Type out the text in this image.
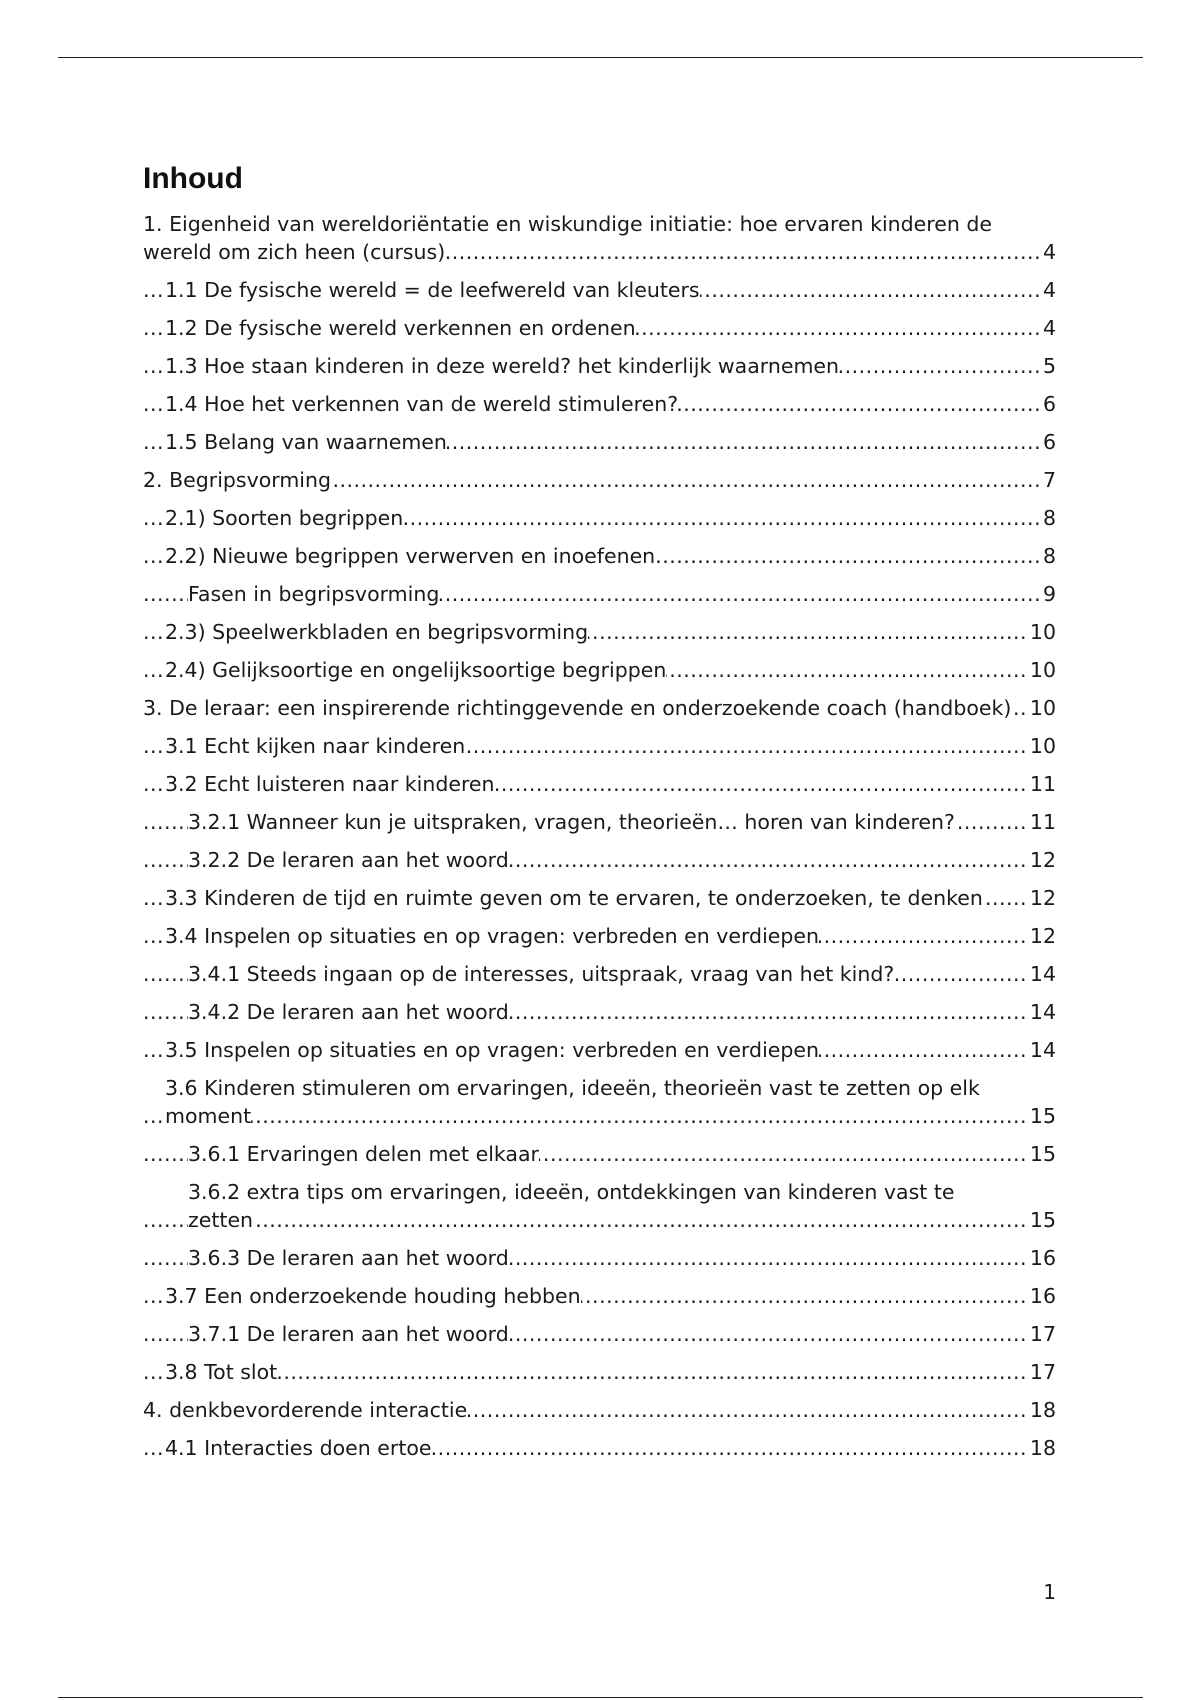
Inhoud
1. Eigenheid van wereldoriëntatie en wiskundige initiatie: hoe ervaren kinderen de wereld om zich heen (cursus)	4
.....
1.1 De fysische wereld = de leefwereld van kleuters	4
.....
1.2 De fysische wereld verkennen en ordenen	4
.....
1.3 Hoe staan kinderen in deze wereld? het kinderlijk waarnemen	5
.....
1.4 Hoe het verkennen van de wereld stimuleren?	6
.....
1.5 Belang van waarnemen	6
.....
2. Begripsvorming	7
.....
2.1) Soorten begrippen	8
.....
2.2) Nieuwe begrippen verwerven en inoefenen	8
.....
Fasen in begripsvorming	9
.....
2.3) Speelwerkbladen en begripsvorming	10
.....
2.4) Gelijksoortige en ongelijksoortige begrippen	10
.....
3. De leraar: een inspirerende richtinggevende en onderzoekende coach (handboek) 10
.....
3.1 Echt kijken naar kinderen	10
.....
3.2 Echt luisteren naar kinderen	11
.....
3.2.1 Wanneer kun je uitspraken, vragen, theorieën… horen van kinderen?	11
.....
3.2.2 De leraren aan het woord	12
.....
3.3 Kinderen de tijd en ruimte geven om te ervaren, te onderzoeken, te denken 12
.....
3.4 Inspelen op situaties en op vragen: verbreden en verdiepen	12
.....
3.4.1 Steeds ingaan op de interesses, uitspraak, vraag van het kind?	14
.....
3.4.2 De leraren aan het woord	14
.....
3.5 Inspelen op situaties en op vragen: verbreden en verdiepen	14
.....
3.6 Kinderen stimuleren om ervaringen, ideeën, theorieën vast te zetten op elk moment	15
.....
3.6.1 Ervaringen delen met elkaar	15
.....
3.6.2 extra tips om ervaringen, ideeën, ontdekkingen van kinderen vast te zetten	15
.....
3.6.3 De leraren aan het woord	16
.....
3.7 Een onderzoekende houding hebben	16
.....
3.7.1 De leraren aan het woord	17
.....
3.8 Tot slot	17
.....
4. denkbevorderende interactie	18
.....
4.1 Interacties doen ertoe	18
.....
1
